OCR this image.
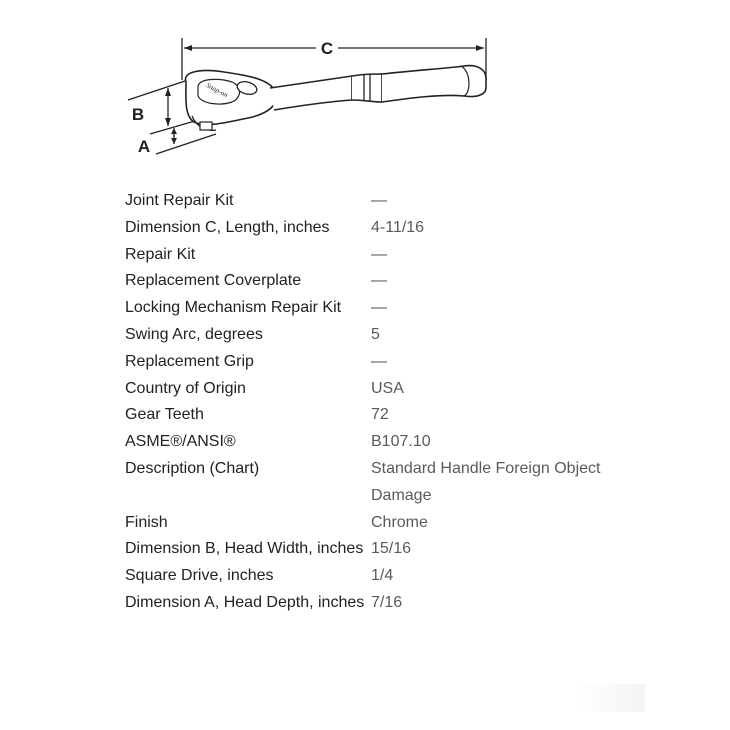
C
B
A
Snap-on
Joint Repair Kit	—
Dimension C, Length, inches	4-11/16
Repair Kit	—
Replacement Coverplate	—
Locking Mechanism Repair Kit	—
Swing Arc, degrees	5
Replacement Grip	—
Country of Origin	USA
Gear Teeth	72
ASME®/ANSI®	B107.10
Description (Chart)	Standard Handle Foreign Object Damage
Finish	Chrome
Dimension B, Head Width, inches 15/16
Square Drive, inches	1/4
Dimension A, Head Depth, inches 7/16
